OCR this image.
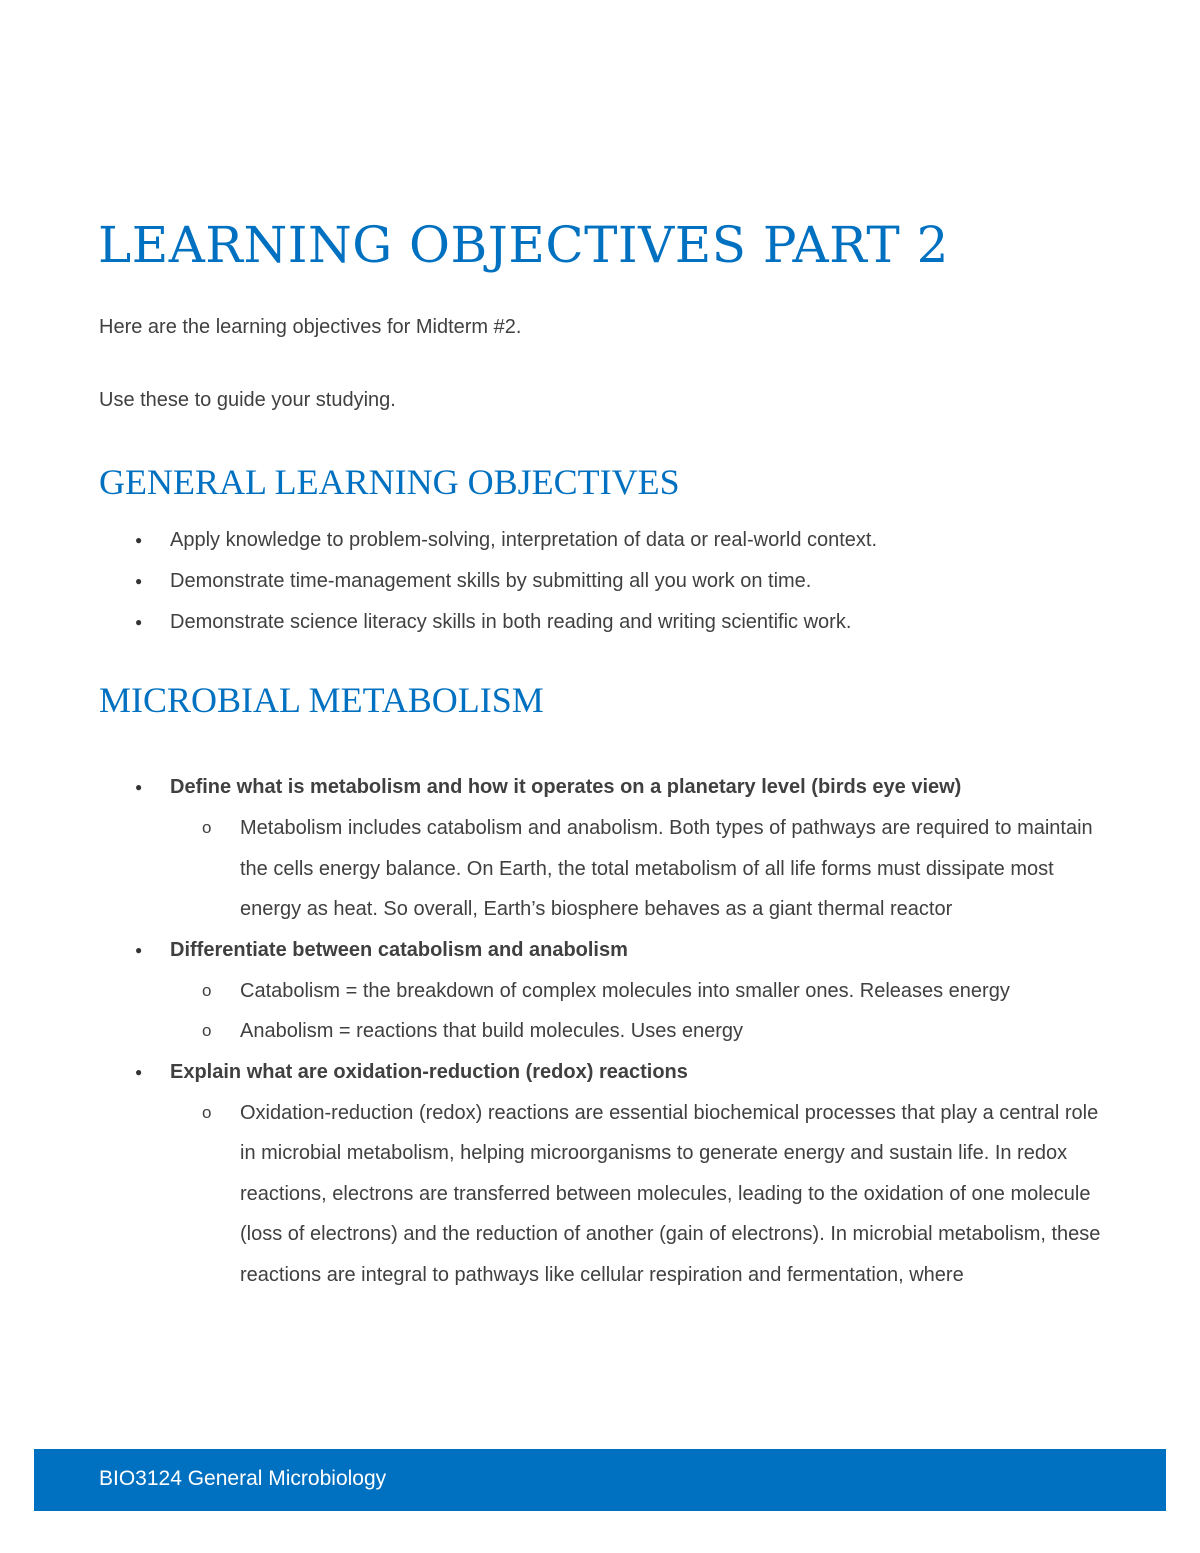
LEARNING OBJECTIVES PART 2

Here are the learning objectives for Midterm #2.

Use these to guide your studying.

GENERAL LEARNING OBJECTIVES
● Apply knowledge to problem-solving, interpretation of data or real-world context.
● Demonstrate time-management skills by submitting all you work on time.
● Demonstrate science literacy skills in both reading and writing scientific work.
MICROBIAL METABOLISM
● Define what is metabolism and how it operates on a planetary level (birds eye view)
o Metabolism includes catabolism and anabolism. Both types of pathways are required to maintain the cells energy balance. On Earth, the total metabolism of all life forms must dissipate most energy as heat. So overall, Earth’s biosphere behaves as a giant thermal reactor
● Differentiate between catabolism and anabolism
o Catabolism = the breakdown of complex molecules into smaller ones. Releases energy
o Anabolism = reactions that build molecules. Uses energy
● Explain what are oxidation-reduction (redox) reactions
o Oxidation-reduction (redox) reactions are essential biochemical processes that play a central role in microbial metabolism, helping microorganisms to generate energy and sustain life. In redox reactions, electrons are transferred between molecules, leading to the oxidation of one molecule (loss of electrons) and the reduction of another (gain of electrons). In microbial metabolism, these reactions are integral to pathways like cellular respiration and fermentation, where
BIO3124 General Microbiology
